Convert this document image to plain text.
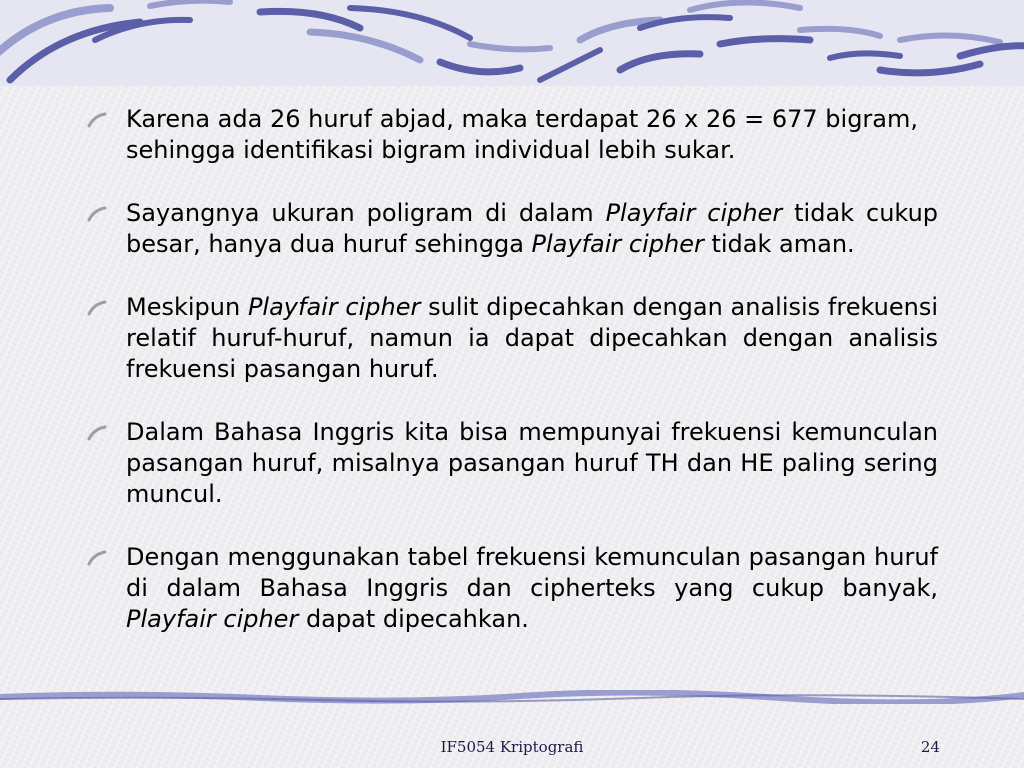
Karena ada 26 huruf abjad, maka terdapat 26 x 26 = 677 bigram, sehingga identifikasi bigram individual lebih sukar.
Sayangnya ukuran poligram di dalam Playfair cipher tidak cukup besar, hanya dua huruf sehingga Playfair cipher tidak aman.
Meskipun Playfair cipher sulit dipecahkan dengan analisis frekuensi relatif huruf-huruf, namun ia dapat dipecahkan dengan analisis frekuensi pasangan huruf.
Dalam Bahasa Inggris kita bisa mempunyai frekuensi kemunculan pasangan huruf, misalnya pasangan huruf TH dan HE paling sering muncul.
Dengan menggunakan tabel frekuensi kemunculan pasangan huruf di dalam Bahasa Inggris dan cipherteks yang cukup banyak, Playfair cipher dapat dipecahkan.
IF5054 Kriptografi	24
